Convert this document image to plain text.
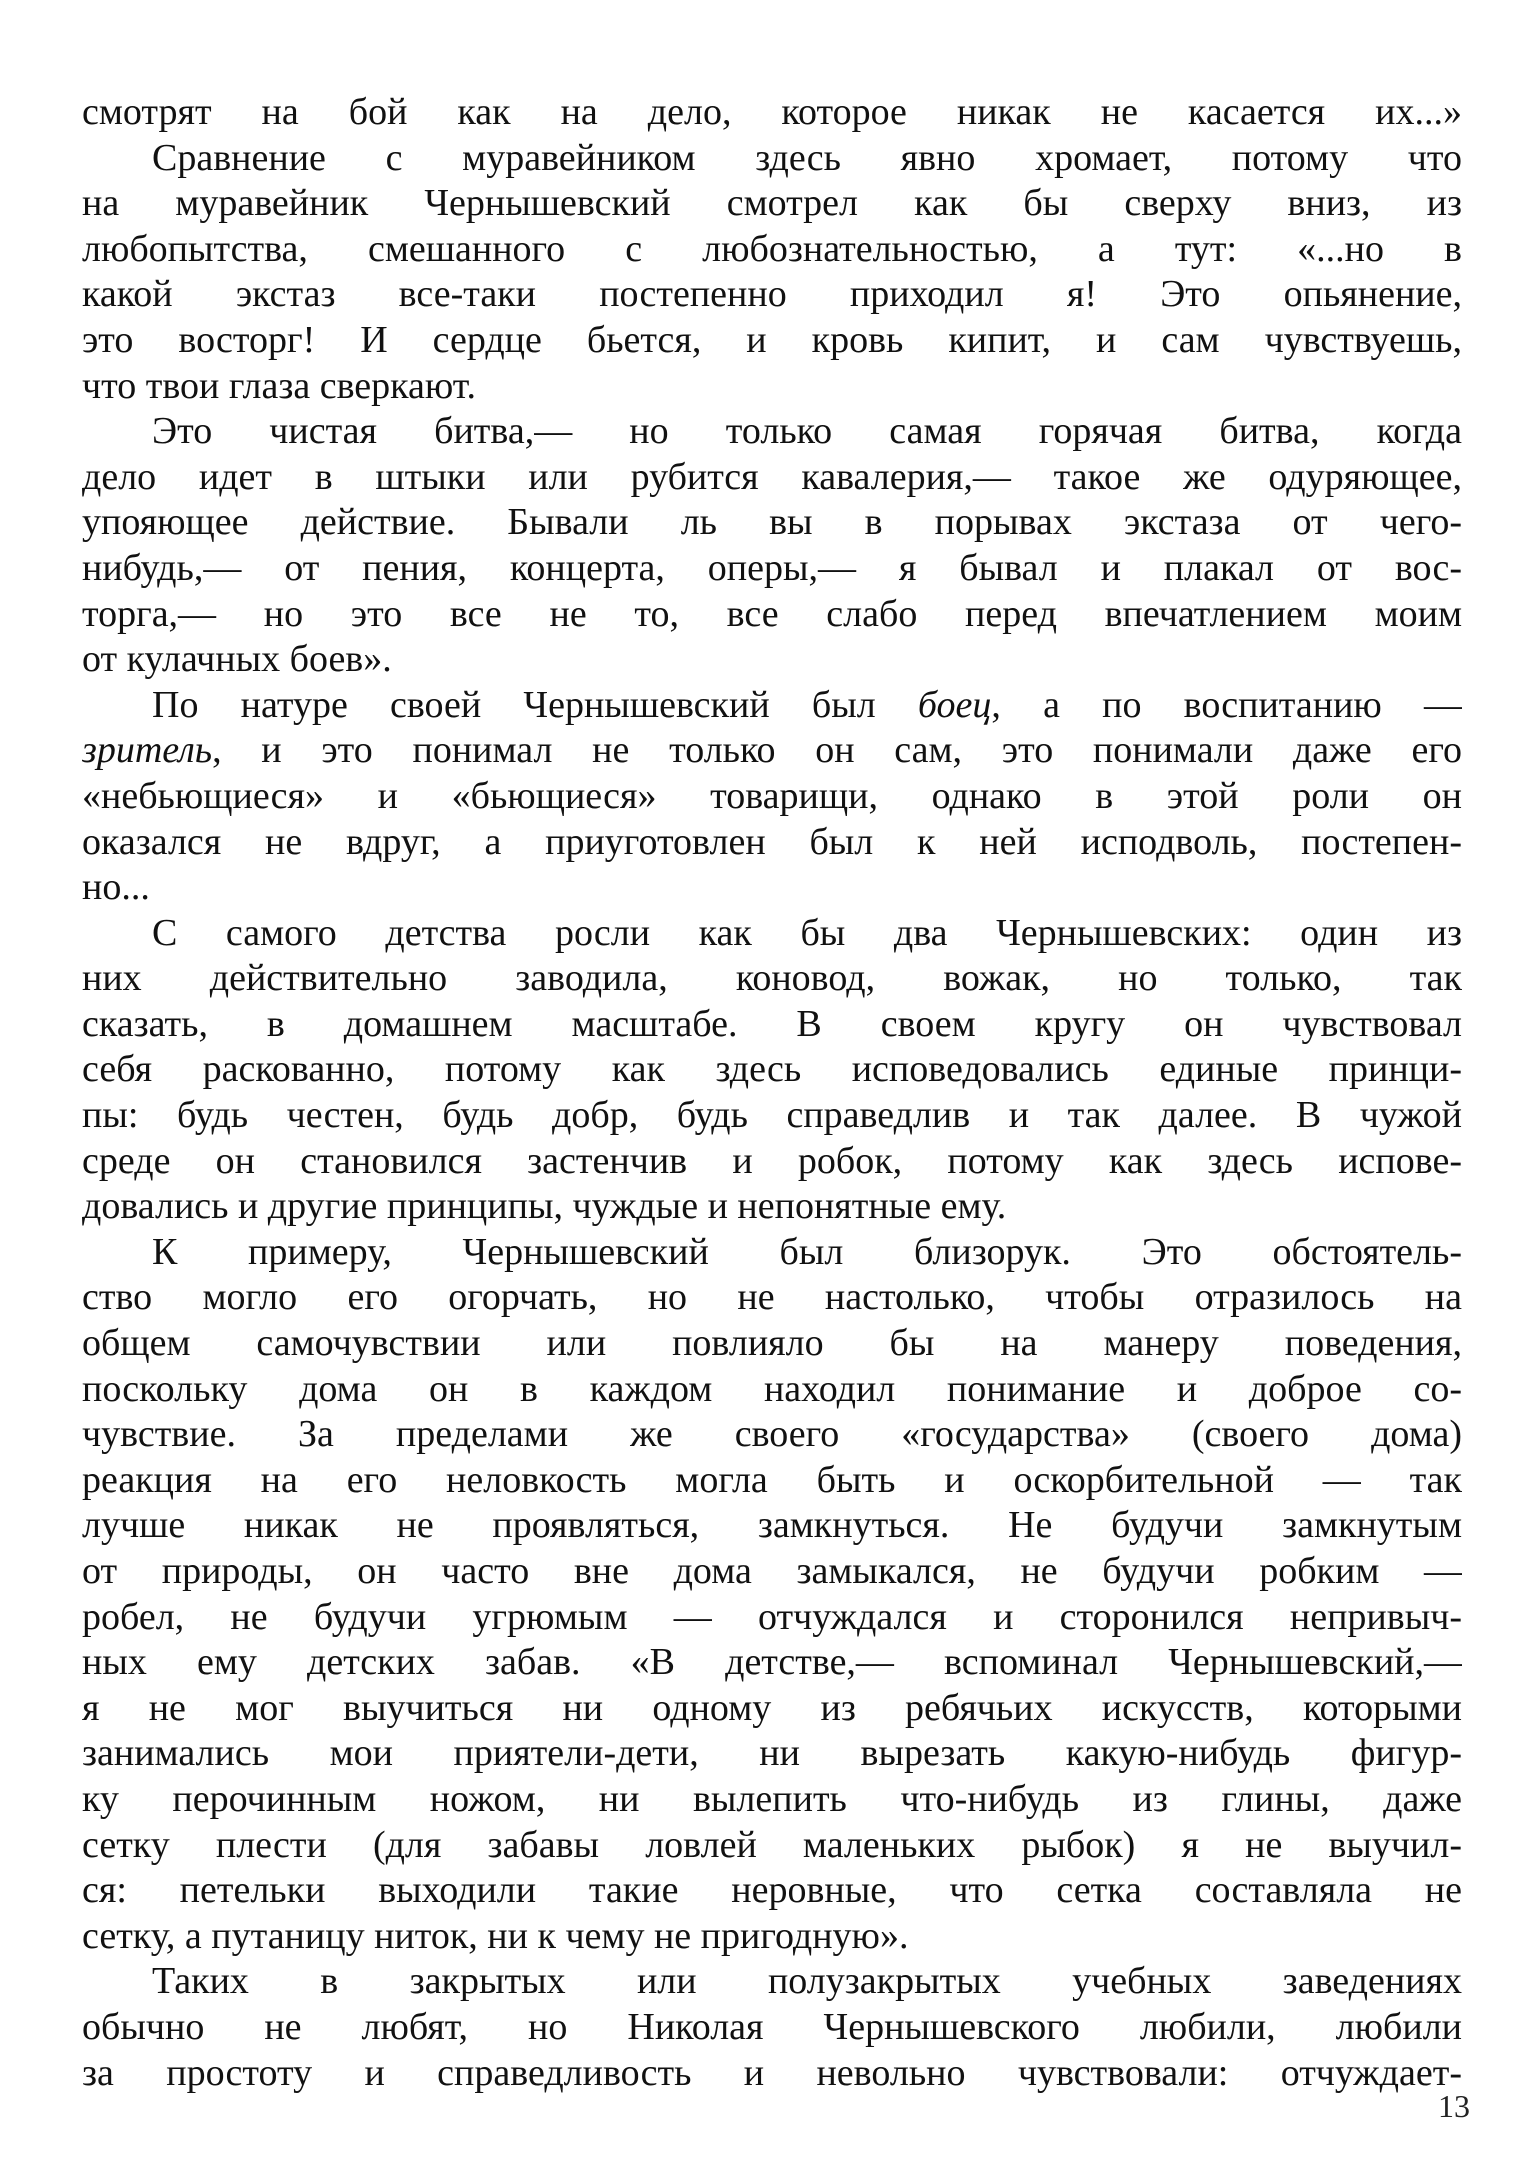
смотрят на бой как на дело, которое никак не касается их...»
Сравнение с муравейником здесь явно хромает, потому что
на муравейник Чернышевский смотрел как бы сверху вниз, из
любопытства, смешанного с любознательностью, а тут: «...но в
какой экстаз все-таки постепенно приходил я! Это опьянение,
это восторг! И сердце бьется, и кровь кипит, и сам чувствуешь,
что твои глаза сверкают.
Это чистая битва,— но только самая горячая битва, когда
дело идет в штыки или рубится кавалерия,— такое же одуряющее,
упояющее действие. Бывали ль вы в порывах экстаза от чего-
нибудь,— от пения, концерта, оперы,— я бывал и плакал от вос-
торга,— но это все не то, все слабо перед впечатлением моим
от кулачных боев».
По натуре своей Чернышевский был боец, а по воспитанию —
зритель, и это понимал не только он сам, это понимали даже его
«небьющиеся» и «бьющиеся» товарищи, однако в этой роли он
оказался не вдруг, а приуготовлен был к ней исподволь, постепен-
но...
С самого детства росли как бы два Чернышевских: один из
них действительно заводила, коновод, вожак, но только, так
сказать, в домашнем масштабе. В своем кругу он чувствовал
себя раскованно, потому как здесь исповедовались единые принци-
пы: будь честен, будь добр, будь справедлив и так далее. В чужой
среде он становился застенчив и робок, потому как здесь испове-
довались и другие принципы, чуждые и непонятные ему.
К примеру, Чернышевский был близорук. Это обстоятель-
ство могло его огорчать, но не настолько, чтобы отразилось на
общем самочувствии или повлияло бы на манеру поведения,
поскольку дома он в каждом находил понимание и доброе со-
чувствие. За пределами же своего «государства» (своего дома)
реакция на его неловкость могла быть и оскорбительной — так
лучше никак не проявляться, замкнуться. Не будучи замкнутым
от природы, он часто вне дома замыкался, не будучи робким —
робел, не будучи угрюмым — отчуждался и сторонился непривыч-
ных ему детских забав. «В детстве,— вспоминал Чернышевский,—
я не мог выучиться ни одному из ребячьих искусств, которыми
занимались мои приятели-дети, ни вырезать какую-нибудь фигур-
ку перочинным ножом, ни вылепить что-нибудь из глины, даже
сетку плести (для забавы ловлей маленьких рыбок) я не выучил-
ся: петельки выходили такие неровные, что сетка составляла не
сетку, а путаницу ниток, ни к чему не пригодную».
Таких в закрытых или полузакрытых учебных заведениях
обычно не любят, но Николая Чернышевского любили, любили
за простоту и справедливость и невольно чувствовали: отчуждает-
13
